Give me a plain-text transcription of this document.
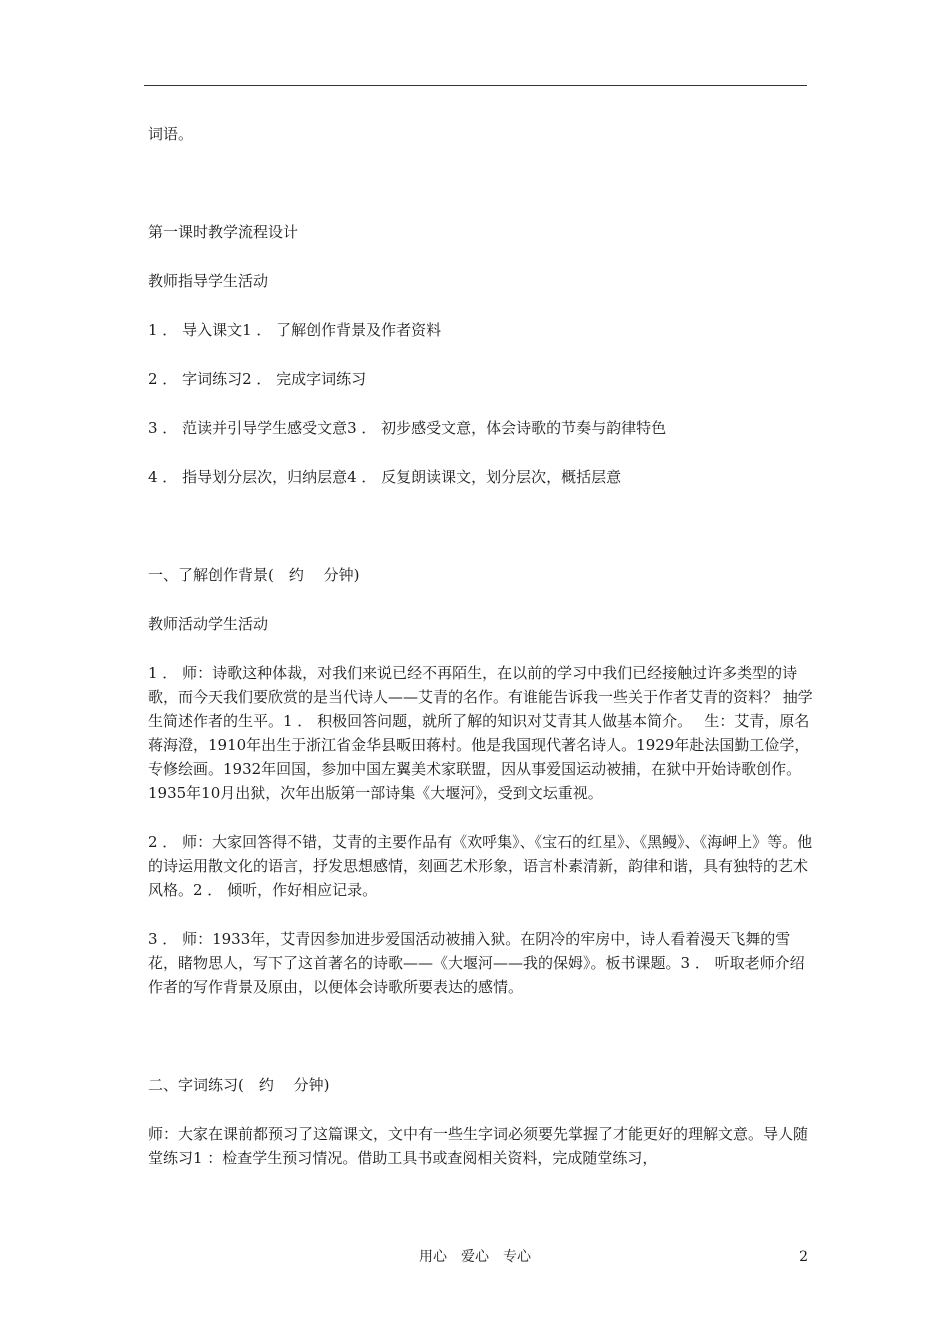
词语。

第一课时教学流程设计

教师指导学生活动

1 ． 导入课文1 ． 了解创作背景及作者资料

2 ． 字词练习2 ． 完成字词练习

3 ． 范读并引导学生感受文意3 ． 初步感受文意，体会诗歌的节奏与韵律特色

4 ． 指导划分层次，归纳层意4 ． 反复朗读课文，划分层次，概括层意

一、了解创作背景(　约　 分钟)

教师活动学生活动

1 ． 师：诗歌这种体裁，对我们来说已经不再陌生，在以前的学习中我们已经接触过许多类型的诗歌，而今天我们要欣赏的是当代诗人——艾青的名作。有谁能告诉我一些关于作者艾青的资料？ 抽学生简述作者的生平。1 ． 积极回答问题，就所了解的知识对艾青其人做基本简介。　 生：艾青，原名蒋海澄，1910年出生于浙江省金华县畈田蒋村。他是我国现代著名诗人。1929年赴法国勤工俭学，专修绘画。1932年回国，参加中国左翼美术家联盟，因从事爱国运动被捕，在狱中开始诗歌创作。1935年10月出狱，次年出版第一部诗集《大堰河》，受到文坛重视。

2 ． 师：大家回答得不错，艾青的主要作品有《欢呼集》、《宝石的红星》、《黑鳗》、《海岬上》等。他的诗运用散文化的语言，抒发思想感情，刻画艺术形象，语言朴素清新，韵律和谐，具有独特的艺术风格。2 ． 倾听，作好相应记录。

3 ． 师：1933年，艾青因参加进步爱国活动被捕入狱。在阴冷的牢房中，诗人看着漫天飞舞的雪花，睹物思人，写下了这首著名的诗歌——《大堰河——我的保姆》。板书课题。3 ． 听取老师介绍作者的写作背景及原由，以便体会诗歌所要表达的感情。

二、字词练习(　约　 分钟)

师：大家在课前都预习了这篇课文，文中有一些生字词必须要先掌握了才能更好的理解文意。导人随堂练习1 ：检查学生预习情况。借助工具书或查阅相关资料，完成随堂练习，

用心　爱心　专心	2
